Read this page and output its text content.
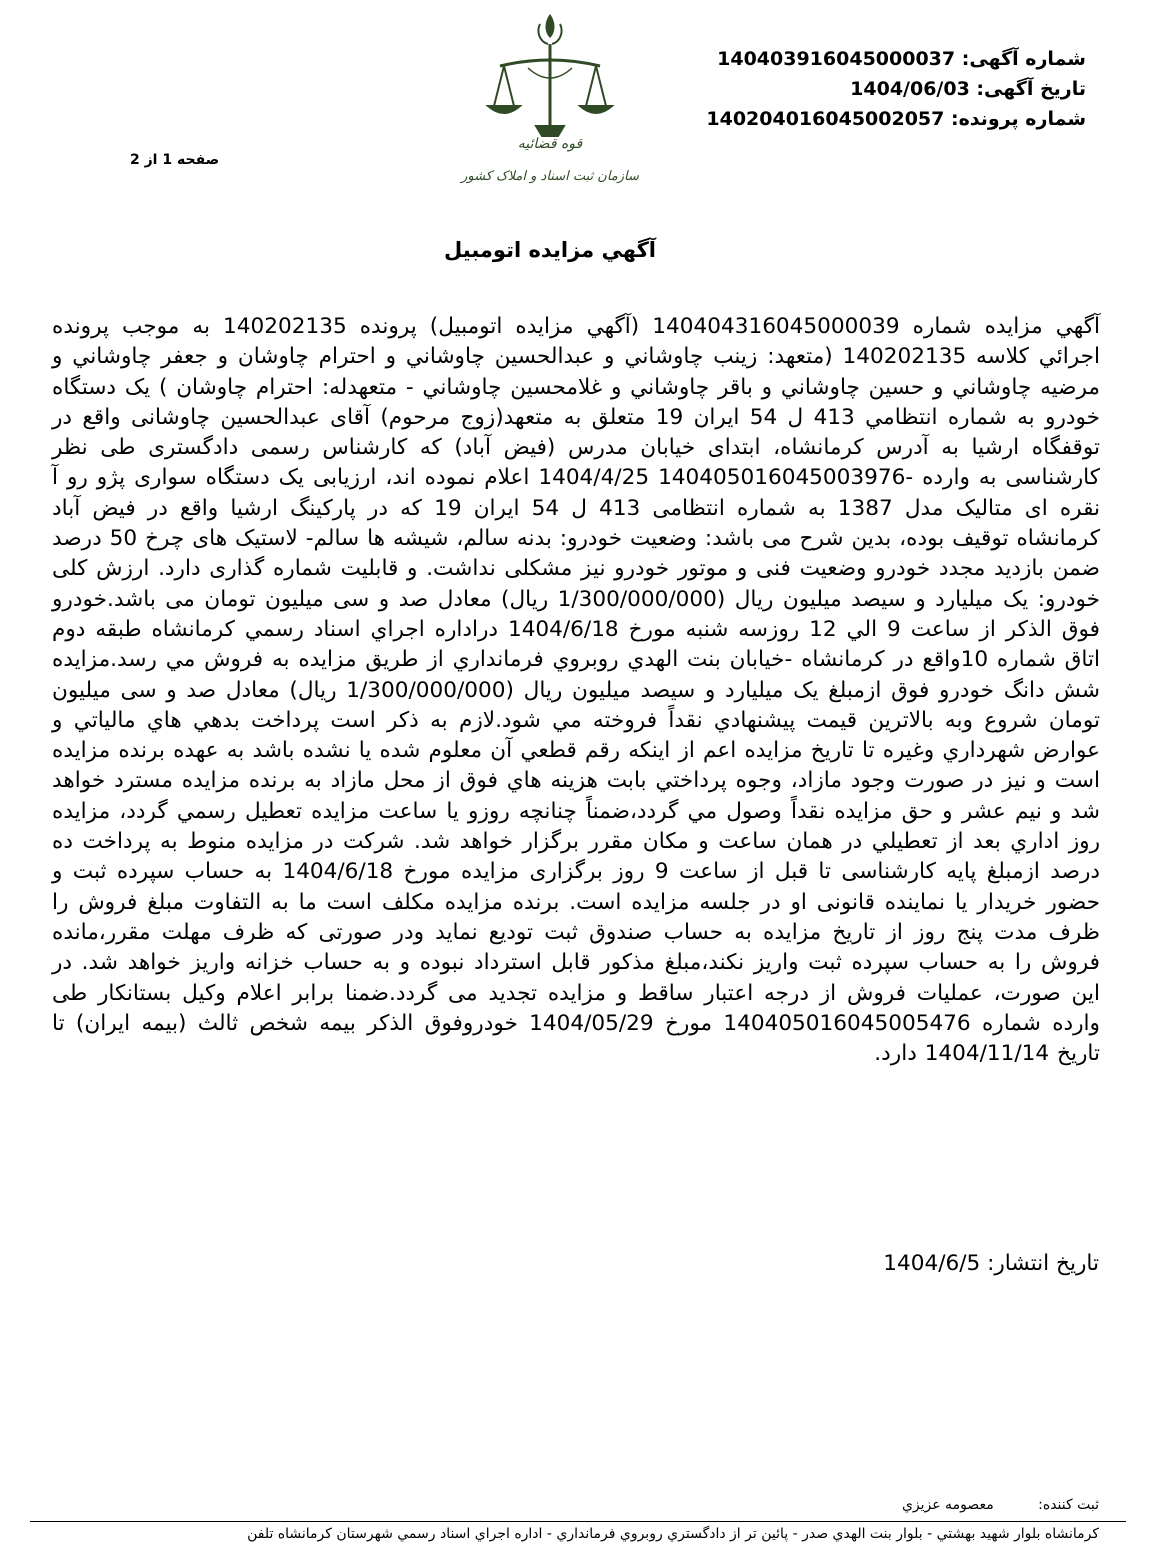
شماره آگهی: 140403916045000037
تاریخ آگهی: 1404/06/03
شماره پرونده: 140204016045002057
قوه قضائیه
سازمان ثبت اسناد و املاک کشور
صفحه 1 از 2
آگهي مزايده اتومبيل
آگهي مزايده شماره 140404316045000039 (آگهي مزايده اتومبيل) پرونده 140202135 به موجب پرونده اجرائي كلاسه 140202135 (متعهد: زينب چاوشاني و عبدالحسين چاوشاني و احترام چاوشان و جعفر چاوشاني و مرضيه چاوشاني و حسين چاوشاني و باقر چاوشاني و غلامحسين چاوشاني - متعهدله: احترام چاوشان ) يک دستگاه خودرو به شماره انتظامي 413 ل 54 ايران 19 متعلق به متعهد(زوج مرحوم) آقای عبدالحسین چاوشانی واقع در توقفگاه ارشیا به آدرس کرمانشاه، ابتدای خیابان مدرس (فیض آباد) که کارشناس رسمی دادگستری طی نظر کارشناسی به وارده -140405016045003976 1404/4/25 اعلام نموده اند، ارزیابی یک دستگاه سواری پژو رو آ نقره ای متالیک مدل 1387 به شماره انتظامی 413 ل 54 ایران 19 که در پارکینگ ارشیا واقع در فیض آباد کرمانشاه توقیف بوده، بدین شرح می باشد: وضعیت خودرو: بدنه سالم، شیشه ها سالم- لاستیک های چرخ 50 درصد ضمن بازدید مجدد خودرو وضعیت فنی و موتور خودرو نیز مشکلی نداشت. و قابلیت شماره گذاری دارد. ارزش کلی خودرو: یک میلیارد و سیصد میلیون ریال (1/300/000/000 ریال) معادل صد و سی میلیون تومان می باشد.خودرو فوق الذكر از ساعت 9 الي 12 روزسه شنبه مورخ 1404/6/18 دراداره اجراي اسناد رسمي كرمانشاه طبقه دوم اتاق شماره 10واقع در كرمانشاه -خيابان بنت الهدي روبروي فرمانداري از طريق مزايده به فروش مي رسد.مزايده شش دانگ خودرو فوق ازمبلغ يک ميليارد و سيصد ميليون ريال (1/300/000/000 ريال) معادل صد و سی میلیون تومان شروع وبه بالاترين قيمت پيشنهادي نقداً فروخته مي شود.لازم به ذكر است پرداخت بدهي هاي مالياتي و عوارض شهرداري وغيره تا تاريخ مزايده اعم از اينكه رقم قطعي آن معلوم شده يا نشده باشد به عهده برنده مزايده است و نيز در صورت وجود مازاد، وجوه پرداختي بابت هزينه هاي فوق از محل مازاد به برنده مزايده مسترد خواهد شد و نيم عشر و حق مزايده نقداً وصول مي گردد،ضمناً چنانچه روزو يا ساعت مزايده تعطيل رسمي گردد، مزايده روز اداري بعد از تعطيلي در همان ساعت و مكان مقرر برگزار خواهد شد. شرکت در مزایده منوط به پرداخت ده درصد ازمبلغ پایه کارشناسی تا قبل از ساعت 9 روز برگزاری مزایده مورخ 1404/6/18 به حساب سپرده ثبت و حضور خریدار یا نماینده قانونی او در جلسه مزایده است. برنده مزایده مکلف است ما به التفاوت مبلغ فروش را ظرف مدت پنج روز از تاریخ مزایده به حساب صندوق ثبت تودیع نماید ودر صورتی که ظرف مهلت مقرر،مانده فروش را به حساب سپرده ثبت واریز نکند،مبلغ مذکور قابل استرداد نبوده و به حساب خزانه واریز خواهد شد. در این صورت، عملیات فروش از درجه اعتبار ساقط و مزایده تجدید می گردد.ضمنا برابر اعلام وکیل بستانکار طی وارده شماره 140405016045005476 مورخ 1404/05/29 خودروفوق الذکر بیمه شخص ثالث (بیمه ایران) تا تاریخ 1404/11/14 دارد.
تاریخ انتشار: 1404/6/5
ثبت كننده: معصومه عزيزي
كرمانشاه بلوار شهيد بهشتي - بلوار بنت الهدي صدر - پائين تر از دادگستري روبروي فرمانداري - اداره اجراي اسناد رسمي شهرستان كرمانشاه تلفن
